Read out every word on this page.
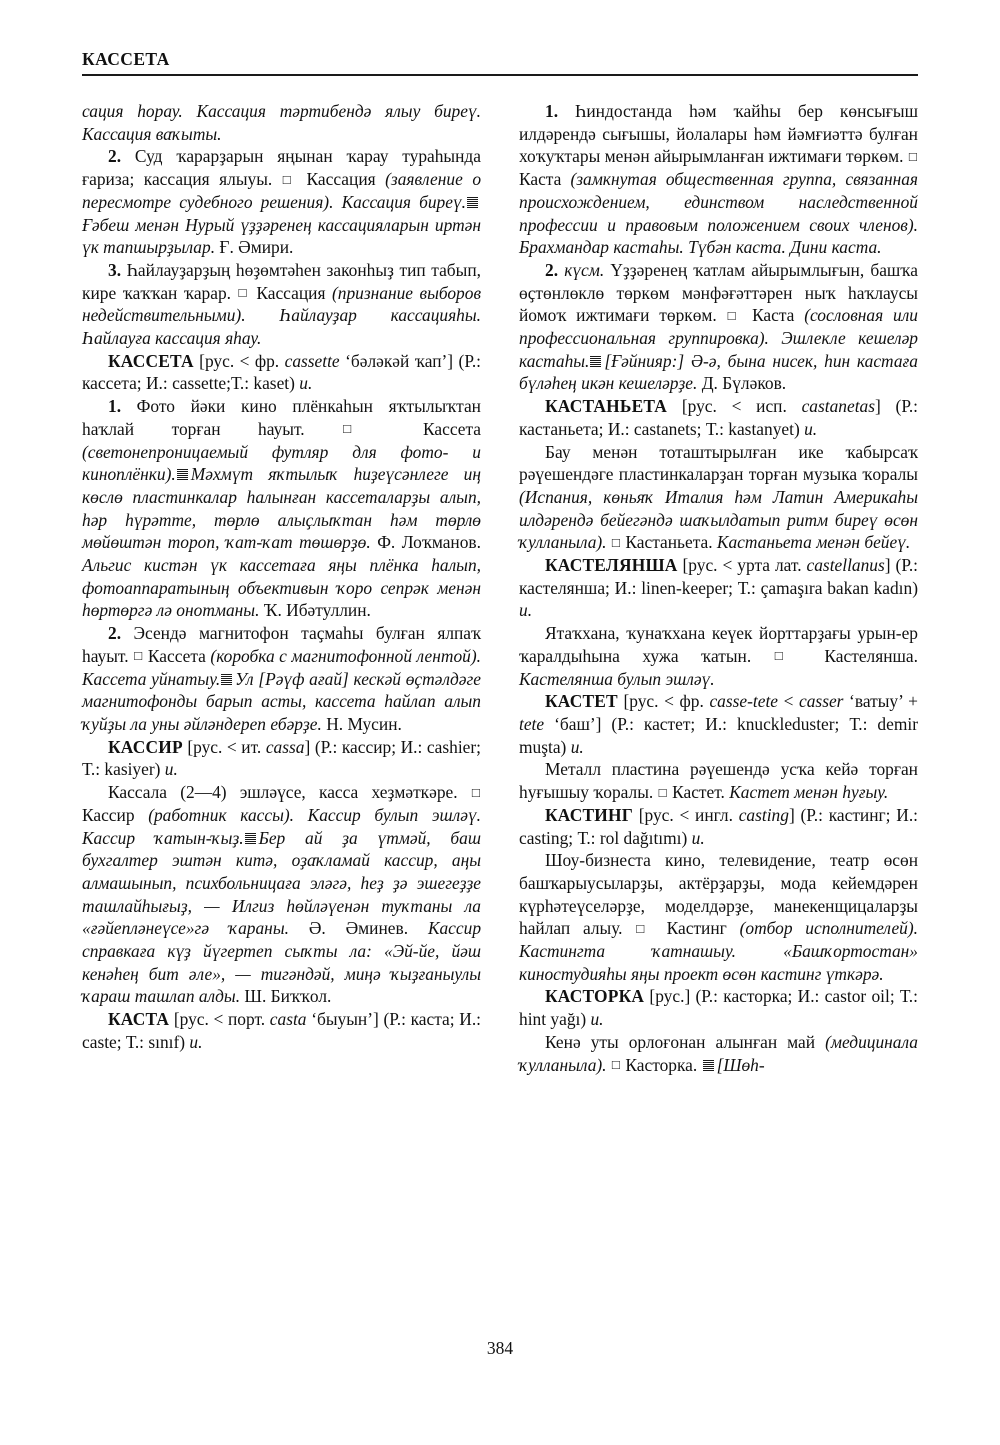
КАССЕТА

сация һорау. Кассация тәртибендә ялыу биреү. Кассация ваҡыты.

2. Суд ҡарарҙарын яңынан ҡарау тураһында ғариза; кассация ялыуы. □ Кассация (заявление о пересмотре судебного решения). Кассация биреү.Ғәбеш менән Нурый үҙҙәренең кассацияларын иртән үк тапшырҙылар. Ғ. Әмири.

3. Һайлауҙарҙың һөҙөмтәһен законһыҙ тип табып, кире ҡаҡҡан ҡарар. □ Кассация (признание выборов недействительными). Һайлауҙар кассацияһы. Һайлауға кассация яһау.

КАССЕТА [рус. < фр. cassette ‘бәләкәй ҡап’] (Р.: кассета; И.: cassette;Т.: kaset) и.

1. Фото йәки кино плёнкаһын яҡтылыҡтан һаҡлай торған һауыт. □ Кассета (светонепроницаемый футляр для фото- и киноплёнки). Мәхмүт яҡтылыҡ һиҙеүсәнлеге иң көслө пластинкалар һалынған кассеталарҙы алып, һәр һүрәтте, төрлө алыҫлыҡтан һәм төрлө мөйөштән тороп, ҡат-ҡат төшөрҙө. Ф. Лоҡманов. Альгис кистән үк кассетаға яңы плёнка һалып, фотоаппаратының объективын ҡоро сепрәк менән һөртөргә лә онотманы. Ҡ. Ибәтуллин.

2. Эсендә магнитофон таҫмаһы булған ялпаҡ һауыт. □ Кассета (коробка с магнитофонной лентой). Кассета уйнатыу. Ул [Рәүф ағай] кескәй өҫтәлдәге магнитофонды барып асты, кассета һайлап алып ҡуйҙы ла уны әйләндереп ебәрҙе. Н. Мусин.

КАССИР [рус. < ит. cassa] (Р.: кассир; И.: cashier; Т.: kasiyer) и.

Кассала (2—4) эшләүсе, касса хеҙмәткәре. □ Кассир (работник кассы). Кассир булып эшләү. Кассир ҡатын-ҡыҙ. Бер ай ҙа үтмәй, баш бухгалтер эштән китә, оҙаҡламай кассир, аңы алмашынып, психбольницаға эләгә, һеҙ ҙә эшегеҙҙе ташлайһығыҙ, — Илгиз һөйләүенән туҡтаны ла «ғәйепләнеүсе»гә ҡараны. Ә. Әминев. Кассир справкаға күҙ йүгертеп сыҡты ла: «Эй-йе, йәш кенәһең бит әле», — тигәндәй, миңә ҡыҙғаныулы ҡараш ташлап алды. Ш. Биҡҡол.

КАСТА [рус. < порт. casta ‘быуын’] (Р.: каста; И.: caste; Т.: sınıf) и.

1. Һиндостанда һәм ҡайһы бер көнсығыш илдәрендә сығышы, йолалары һәм йәмғиәттә булған хоҡуҡтары менән айырымланған ижтимағи төркөм. □ Каста (замкнутая общественная группа, связанная происхождением, единством наследственной профессии и правовым положением своих членов). Брахмандар кастаһы. Түбән каста. Дини каста.

2. күсм. Үҙҙәренең ҡатлам айырымлығын, башҡа өҫтөнлөклө төркөм мәнфәғәттәрен ныҡ һаҡлаусы йомоҡ ижтимағи төркөм. □ Каста (сословная или профессиональная группировка). Эшлекле кешеләр кастаһы. [Ғәйнияр:] Ә-ә, бына нисек, һин кастаға бүләһең икән кешеләрҙе. Д. Бүләков.

КАСТАНЬЕТА [рус. < исп. castanetas] (Р.: кастаньета; И.: castanets; Т.: kastanyet) и.

Бау менән тоташтырылған ике ҡабырсаҡ рәүешендәге пластинкаларҙан торған музыка ҡоралы (Испания, көньяҡ Италия һәм Латин Америкаһы илдәрендә бейегәндә шаҡылдатып ритм биреү өсөн ҡулланыла). □ Кастаньета. Кастаньета менән бейеү.

КАСТЕЛЯНША [рус. < урта лат. castellanus] (Р.: кастелянша; И.: linen-keeper; Т.: çamaşıra bakan kadın) и.

Ятаҡхана, ҡунаҡхана кеүек йорттарҙағы урын-ер ҡаралдыһына хужа ҡатын. □ Кастелянша. Кастелянша булып эшләү.

КАСТЕТ [рус. < фр. casse-tete < casser ‘ватыу’ + tete ‘баш’] (Р.: кастет; И.: knuckleduster; Т.: demir muşta) и.

Металл пластина рәүешендә усҡа кейә торған һуғышыу ҡоралы. □ Кастет. Кастет менән һуғыу.

КАСТИНГ [рус. < ингл. casting] (Р.: кастинг; И.: casting; Т.: rol dağıtımı) и.

Шоу-бизнеста кино, телевидение, театр өсөн башҡарыусыларҙы, актёрҙарҙы, мода кейемдәрен күрһәтеүселәрҙе, моделдәрҙе, манекенщицаларҙы һайлап алыу. □ Кастинг (отбор исполнителей). Кастингта ҡатнашыу. «Башҡортостан» киностудияһы яңы проект өсөн кастинг үткәрә.

КАСТОРКА [рус.] (Р.: касторка; И.: castor oil; Т.: hint yağı) и.

Кенә уты орлоғонан алынған май (медицинала ҡулланыла). □ Касторка. [Шөһ-

384
